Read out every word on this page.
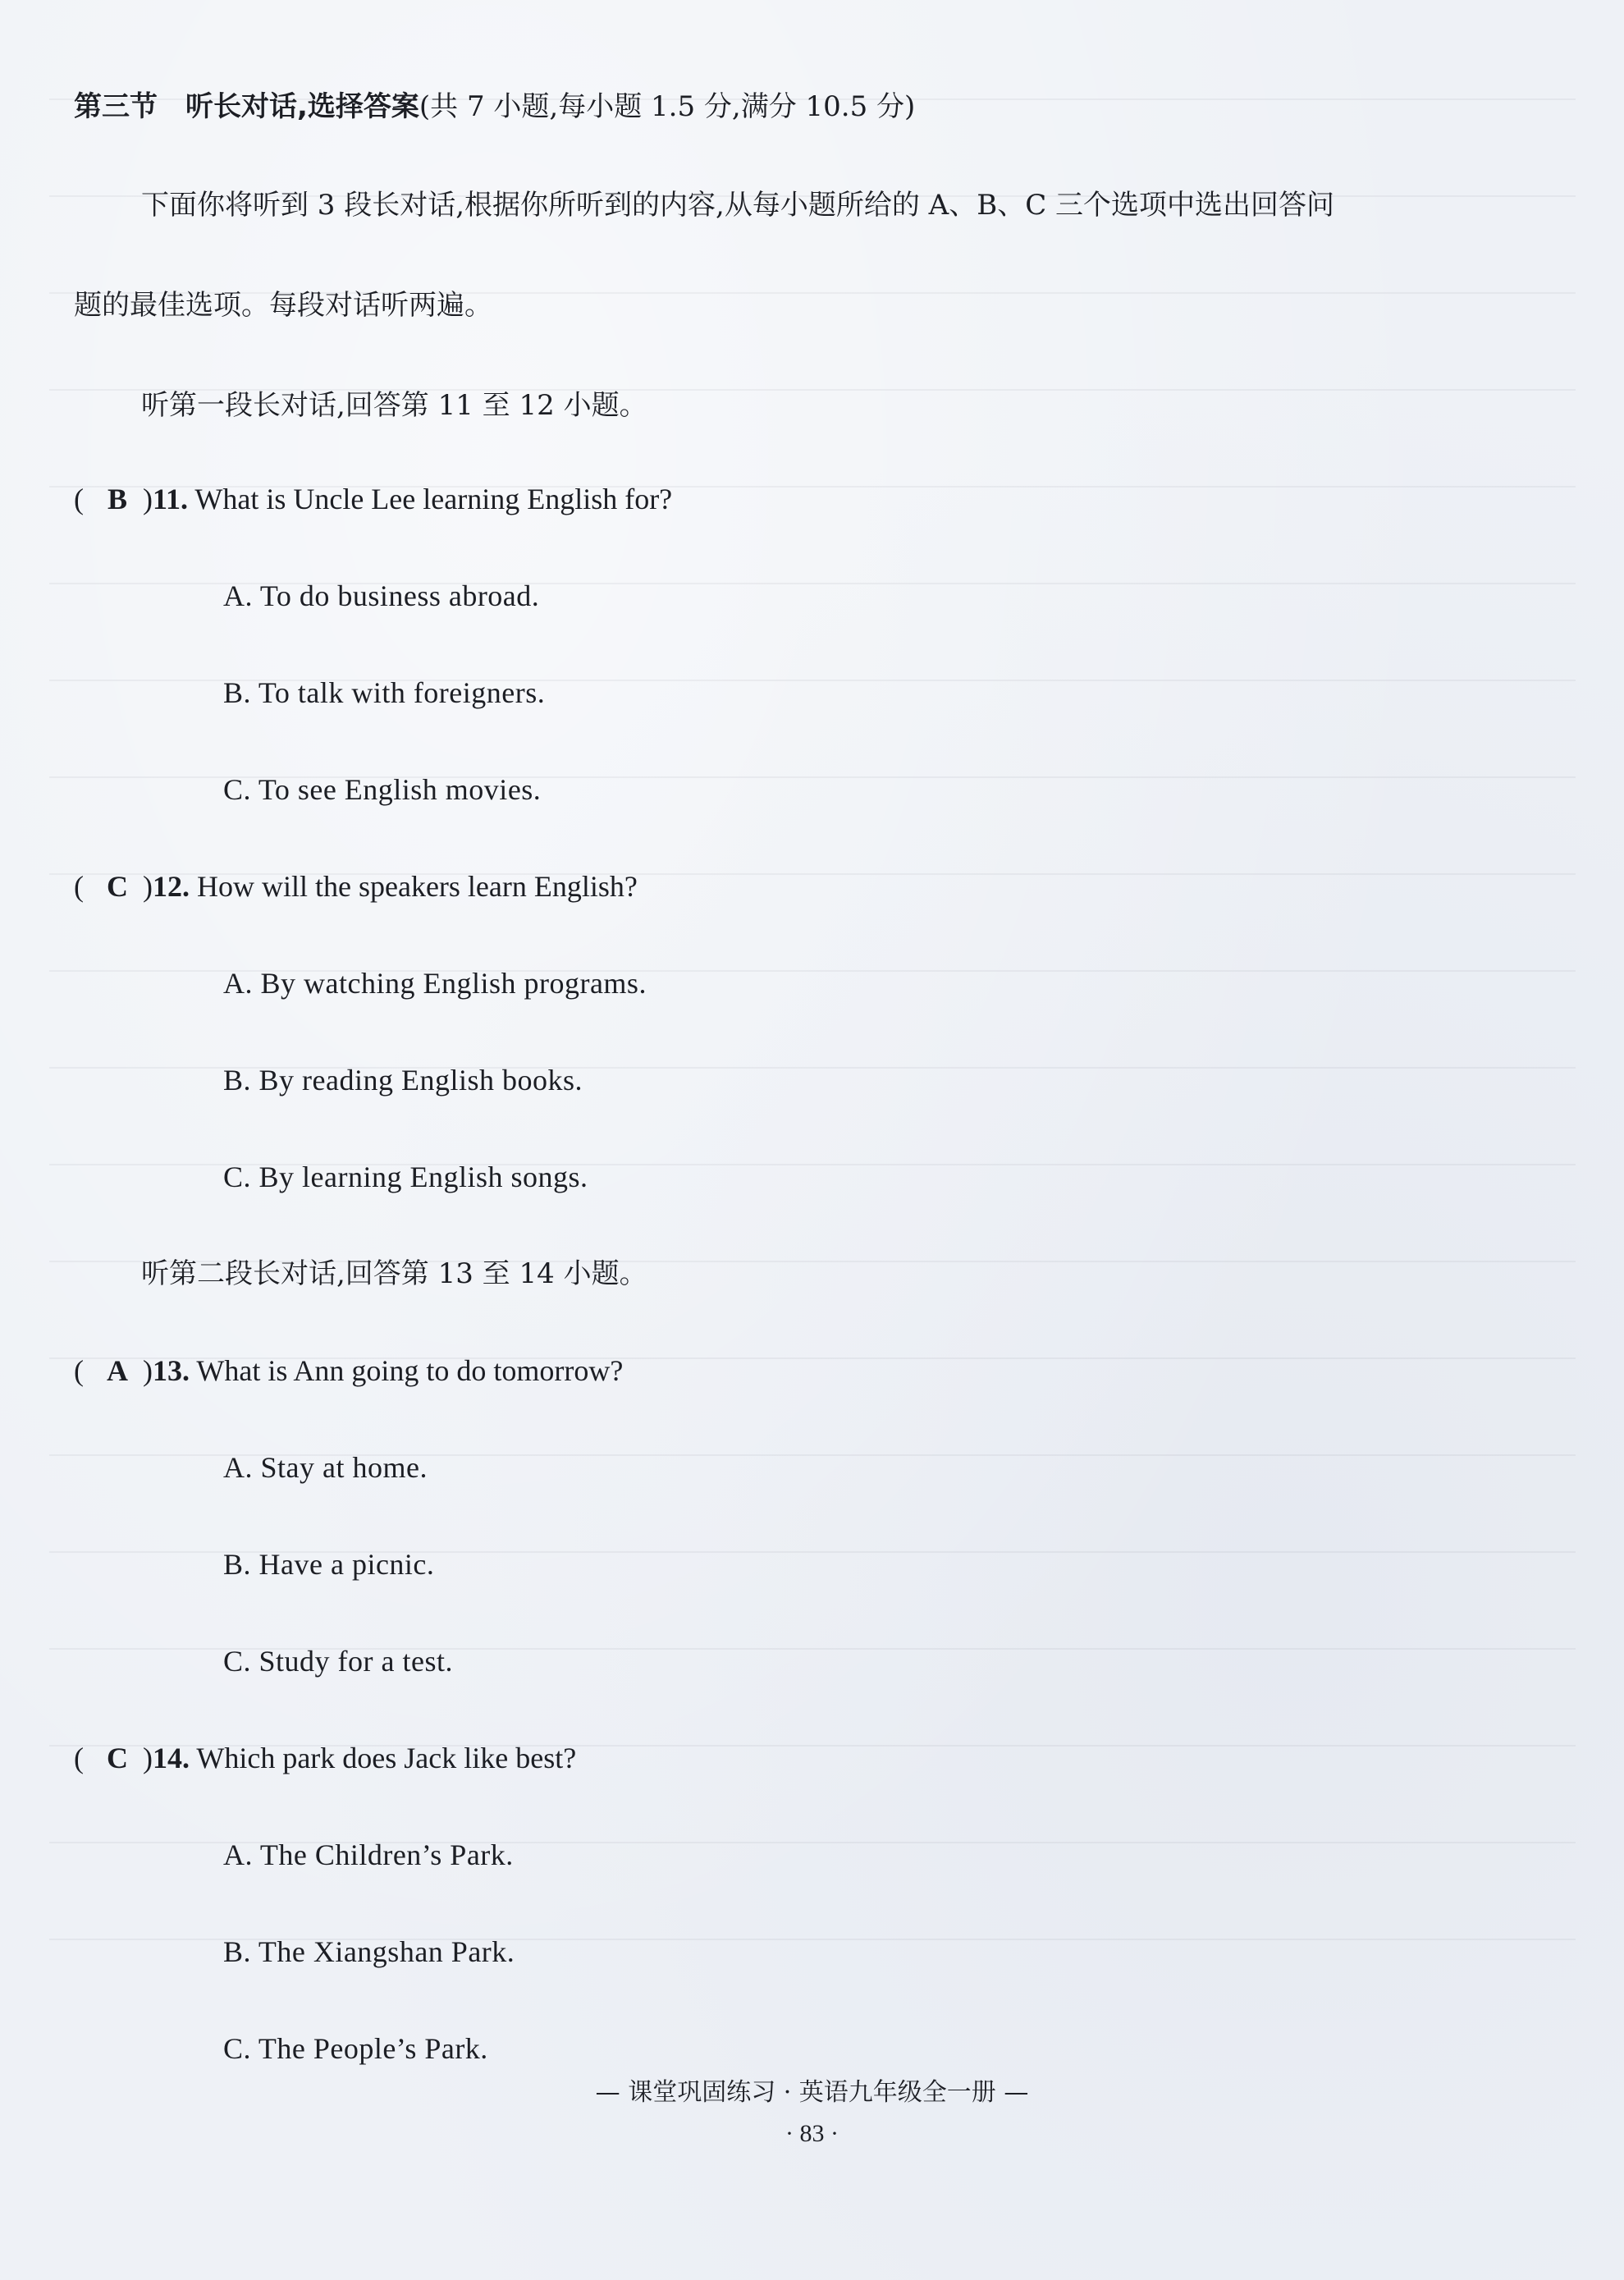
第三节　听长对话,选择答案(共 7 小题,每小题 1.5 分,满分 10.5 分)
下面你将听到 3 段长对话,根据你所听到的内容,从每小题所给的 A、B、C 三个选项中选出回答问
题的最佳选项。每段对话听两遍。
听第一段长对话,回答第 11 至 12 小题。
( B )11. What is Uncle Lee learning English for?
A. To do business abroad.
B. To talk with foreigners.
C. To see English movies.
( C )12. How will the speakers learn English?
A. By watching English programs.
B. By reading English books.
C. By learning English songs.
听第二段长对话,回答第 13 至 14 小题。
( A )13. What is Ann going to do tomorrow?
A. Stay at home.
B. Have a picnic.
C. Study for a test.
( C )14. Which park does Jack like best?
A. The Children’s Park.
B. The Xiangshan Park.
C. The People’s Park.
— 课堂巩固练习 · 英语九年级全一册 —
· 83 ·
